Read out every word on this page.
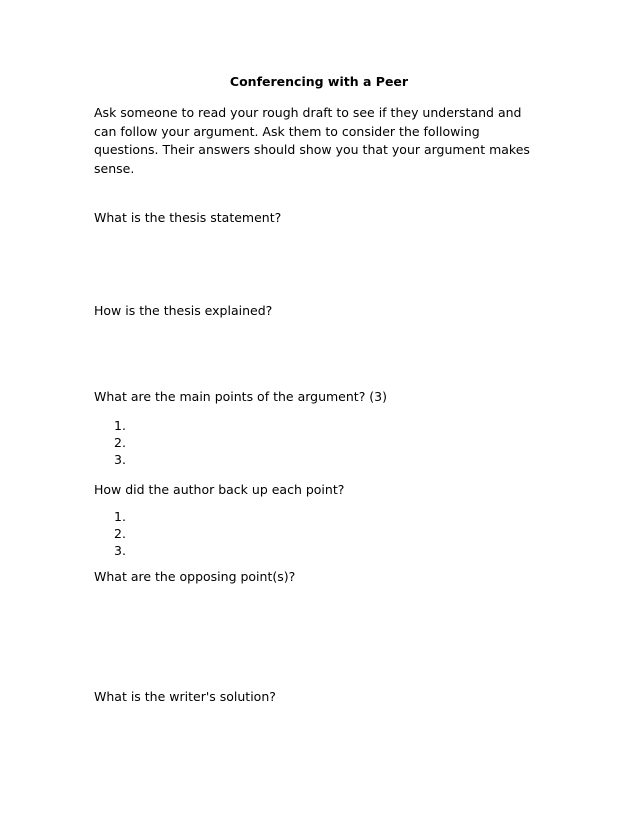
Conferencing with a Peer
Ask someone to read your rough draft to see if they understand and
can follow your argument. Ask them to consider the following
questions. Their answers should show you that your argument makes
sense.
What is the thesis statement?
How is the thesis explained?
What are the main points of the argument? (3)
1.
2.
3.
How did the author back up each point?
1.
2.
3.
What are the opposing point(s)?
What is the writer's solution?
